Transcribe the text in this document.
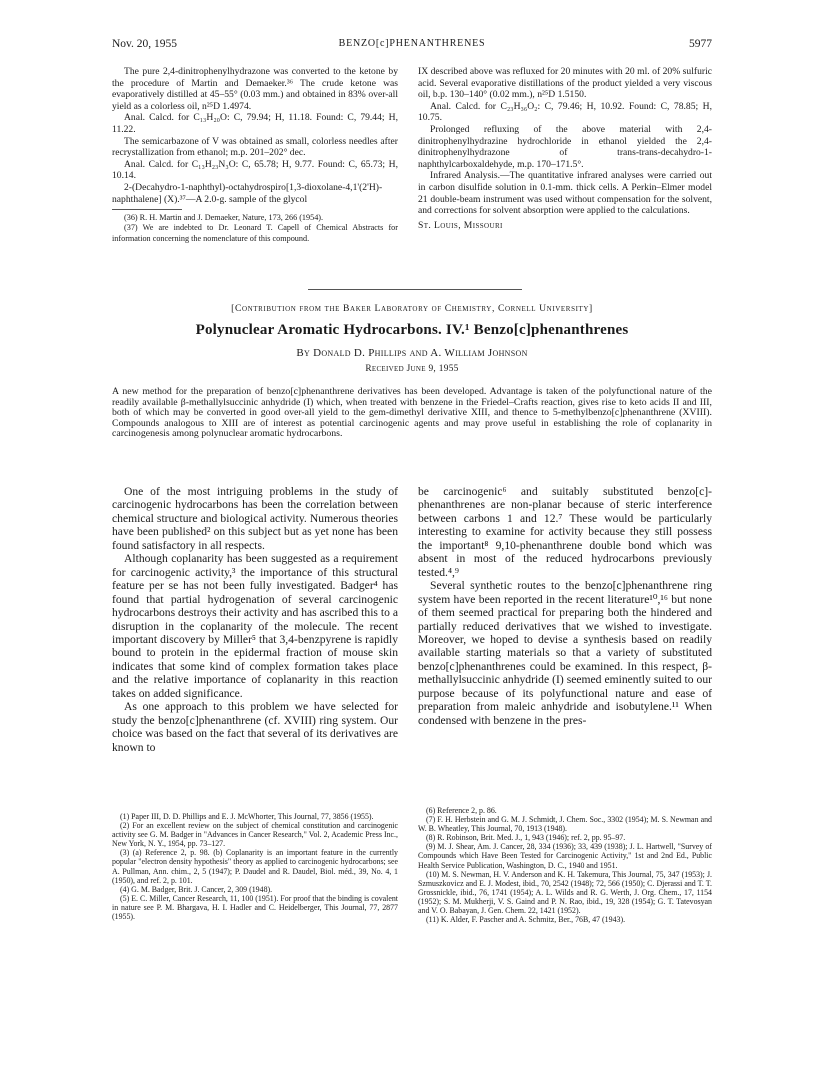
Nov. 20, 1955	BENZO[c]PHENANTHRENES	5977

The pure 2,4-dinitrophenylhydrazone was converted to the ketone by the procedure of Martin and Demaeker.³⁶ The crude ketone was evaporatively distilled at 45–55° (0.03 mm.) and obtained in 83% over-all yield as a colorless oil, n²⁵D 1.4974.

Anal. Calcd. for C₁₃H₂₀O: C, 79.94; H, 11.18. Found: C, 79.44; H, 11.22.

The semicarbazone of V was obtained as small, colorless needles after recrystallization from ethanol; m.p. 201–202° dec.

Anal. Calcd. for C₁₃H₂₃N₃O: C, 65.78; H, 9.77. Found: C, 65.73; H, 10.14.

2-(Decahydro-1-naphthyl)-octahydrospiro[1,3-dioxolane-4,1'(2'H)-naphthalene] (X).³⁷—A 2.0-g. sample of the glycol

(36) R. H. Martin and J. Demaeker, Nature, 173, 266 (1954).

(37) We are indebted to Dr. Leonard T. Capell of Chemical Abstracts for information concerning the nomenclature of this compound.

IX described above was refluxed for 20 minutes with 20 ml. of 20% sulfuric acid. Several evaporative distillations of the product yielded a very viscous oil, b.p. 130–140° (0.02 mm.), n²⁵D 1.5150.

Anal. Calcd. for C₂₃H₃₆O₂: C, 79.46; H, 10.92. Found: C, 78.85; H, 10.75.

Prolonged refluxing of the above material with 2,4-dinitrophenylhydrazine hydrochloride in ethanol yielded the 2,4-dinitrophenylhydrazone of trans-trans-decahydro-1-naphthylcarboxaldehyde, m.p. 170–171.5°.

Infrared Analysis.—The quantitative infrared analyses were carried out in carbon disulfide solution in 0.1-mm. thick cells. A Perkin–Elmer model 21 double-beam instrument was used without compensation for the solvent, and corrections for solvent absorption were applied to the calculations.

St. Louis, Missouri

[Contribution from the Baker Laboratory of Chemistry, Cornell University]
Polynuclear Aromatic Hydrocarbons. IV.¹ Benzo[c]phenanthrenes
By Donald D. Phillips and A. William Johnson
Received June 9, 1955
A new method for the preparation of benzo[c]phenanthrene derivatives has been developed. Advantage is taken of the polyfunctional nature of the readily available β-methallylsuccinic anhydride (I) which, when treated with benzene in the Friedel–Crafts reaction, gives rise to keto acids II and III, both of which may be converted in good over-all yield to the gem-dimethyl derivative XIII, and thence to 5-methylbenzo[c]phenanthrene (XVIII). Compounds analogous to XIII are of interest as potential carcinogenic agents and may prove useful in establishing the role of coplanarity in carcinogenesis among polynuclear aromatic hydrocarbons.

One of the most intriguing problems in the study of carcinogenic hydrocarbons has been the correlation between chemical structure and biological activity. Numerous theories have been published² on this subject but as yet none has been found satisfactory in all respects.

Although coplanarity has been suggested as a requirement for carcinogenic activity,³ the importance of this structural feature per se has not been fully investigated. Badger⁴ has found that partial hydrogenation of several carcinogenic hydrocarbons destroys their activity and has ascribed this to a disruption in the coplanarity of the molecule. The recent important discovery by Miller⁵ that 3,4-benzpyrene is rapidly bound to protein in the epidermal fraction of mouse skin indicates that some kind of complex formation takes place and the relative importance of coplanarity in this reaction takes on added significance.

As one approach to this problem we have selected for study the benzo[c]phenanthrene (cf. XVIII) ring system. Our choice was based on the fact that several of its derivatives are known to

be carcinogenic⁶ and suitably substituted benzo[c]-phenanthrenes are non-planar because of steric interference between carbons 1 and 12.⁷ These would be particularly interesting to examine for activity because they still possess the important⁸ 9,10-phenanthrene double bond which was absent in most of the reduced hydrocarbons previously tested.⁴,⁹

Several synthetic routes to the benzo[c]phenanthrene ring system have been reported in the recent literature¹⁰,¹⁶ but none of them seemed practical for preparing both the hindered and partially reduced derivatives that we wished to investigate. Moreover, we hoped to devise a synthesis based on readily available starting materials so that a variety of substituted benzo[c]phenanthrenes could be examined. In this respect, β-methallylsuccinic anhydride (I) seemed eminently suited to our purpose because of its polyfunctional nature and ease of preparation from maleic anhydride and isobutylene.¹¹ When condensed with benzene in the pres-

(1) Paper III, D. D. Phillips and E. J. McWhorter, This Journal, 77, 3856 (1955).

(2) For an excellent review on the subject of chemical constitution and carcinogenic activity see G. M. Badger in "Advances in Cancer Research," Vol. 2, Academic Press Inc., New York, N. Y., 1954, pp. 73–127.

(3) (a) Reference 2, p. 98. (b) Coplanarity is an important feature in the currently popular "electron density hypothesis" theory as applied to carcinogenic hydrocarbons; see A. Pullman, Ann. chim., 2, 5 (1947); P. Daudel and R. Daudel, Biol. méd., 39, No. 4, 1 (1950), and ref. 2, p. 101.

(4) G. M. Badger, Brit. J. Cancer, 2, 309 (1948).

(5) E. C. Miller, Cancer Research, 11, 100 (1951). For proof that the binding is covalent in nature see P. M. Bhargava, H. I. Hadler and C. Heidelberger, This Journal, 77, 2877 (1955).

(6) Reference 2, p. 86.

(7) F. H. Herbstein and G. M. J. Schmidt, J. Chem. Soc., 3302 (1954); M. S. Newman and W. B. Wheatley, This Journal, 70, 1913 (1948).

(8) R. Robinson, Brit. Med. J., 1, 943 (1946); ref. 2, pp. 95–97.

(9) M. J. Shear, Am. J. Cancer, 28, 334 (1936); 33, 439 (1938); J. L. Hartwell, "Survey of Compounds which Have Been Tested for Carcinogenic Activity," 1st and 2nd Ed., Public Health Service Publication, Washington, D. C., 1940 and 1951.

(10) M. S. Newman, H. V. Anderson and K. H. Takemura, This Journal, 75, 347 (1953); J. Szmuszkovicz and E. J. Modest, ibid., 70, 2542 (1948); 72, 566 (1950); C. Djerassi and T. T. Grossnickle, ibid., 76, 1741 (1954); A. L. Wilds and R. G. Werth, J. Org. Chem., 17, 1154 (1952); S. M. Mukherji, V. S. Gaind and P. N. Rao, ibid., 19, 328 (1954); G. T. Tatevosyan and V. O. Babayan, J. Gen. Chem. 22, 1421 (1952).

(11) K. Alder, F. Pascher and A. Schmitz, Ber., 76B, 47 (1943).
